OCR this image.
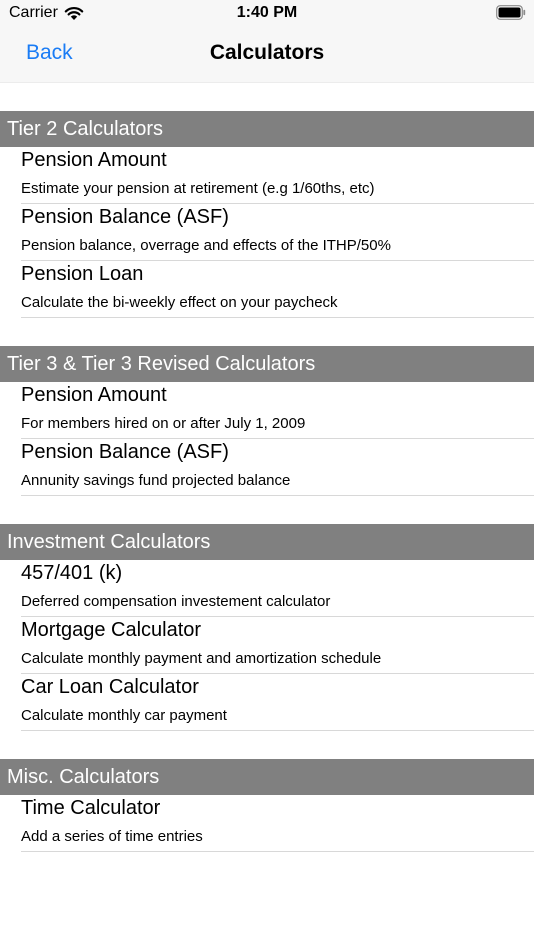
Carrier	1:40 PM
Back	Calculators
Tier 2 Calculators
Pension Amount
Estimate your pension at retirement (e.g 1/60ths, etc)
Pension Balance (ASF)
Pension balance, overrage and effects of the ITHP/50%
Pension Loan
Calculate the bi-weekly effect on your paycheck
Tier 3 & Tier 3 Revised Calculators
Pension Amount
For members hired on or after July 1, 2009
Pension Balance (ASF)
Annunity savings fund projected balance
Investment Calculators
457/401 (k)
Deferred compensation investement calculator
Mortgage Calculator
Calculate monthly payment and amortization schedule
Car Loan Calculator
Calculate monthly car payment
Misc. Calculators
Time Calculator
Add a series of time entries
